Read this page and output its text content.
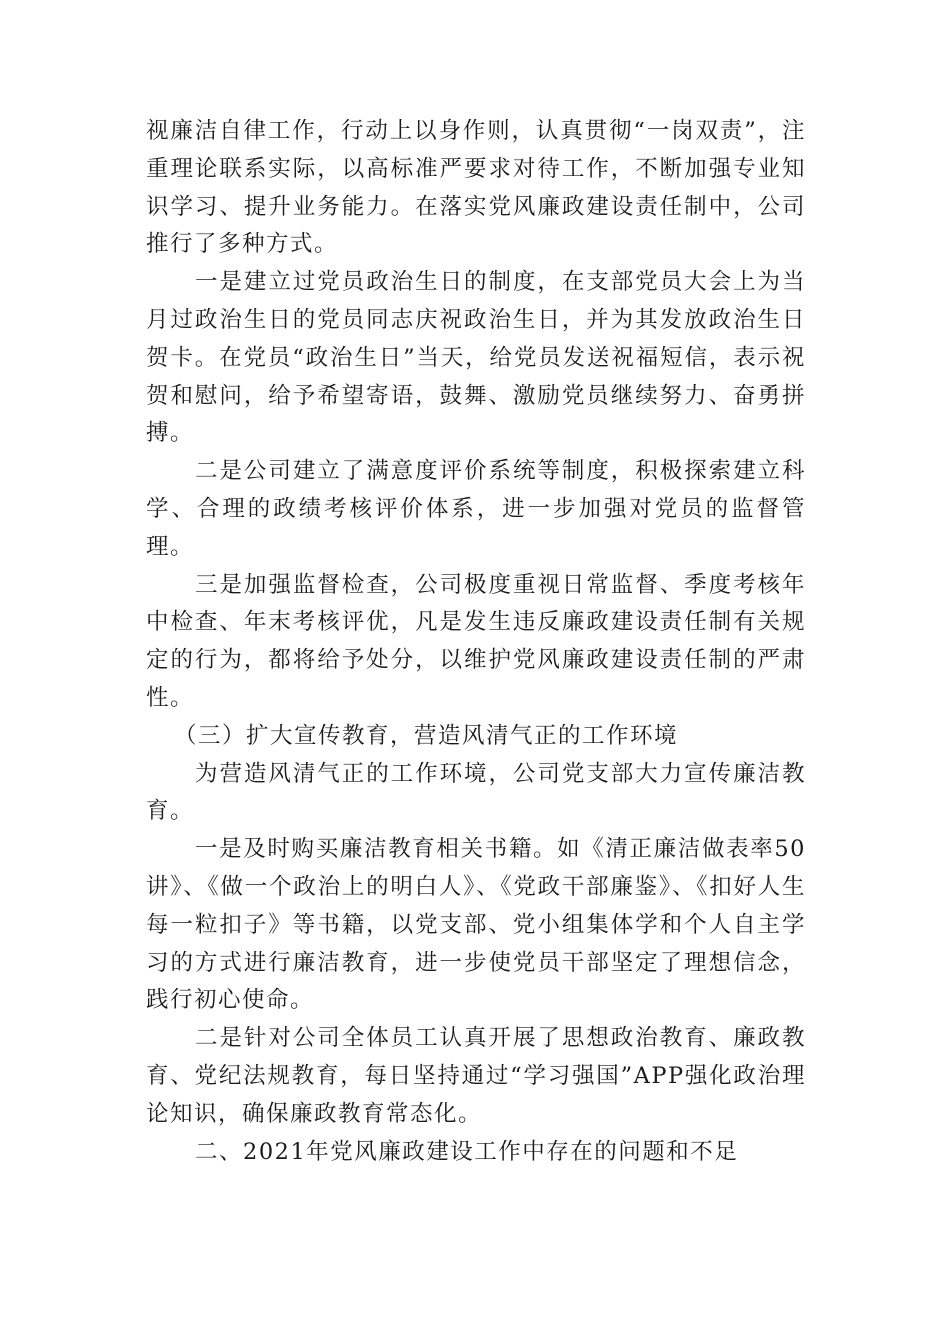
视廉洁自律工作，行动上以身作则，认真贯彻“一岗双责”，注重理论联系实际，以高标准严要求对待工作，不断加强专业知识学习、提升业务能力。在落实党风廉政建设责任制中，公司推行了多种方式。

一是建立过党员政治生日的制度，在支部党员大会上为当月过政治生日的党员同志庆祝政治生日，并为其发放政治生日贺卡。在党员“政治生日”当天，给党员发送祝福短信，表示祝贺和慰问，给予希望寄语，鼓舞、激励党员继续努力、奋勇拼搏。

二是公司建立了满意度评价系统等制度，积极探索建立科学、合理的政绩考核评价体系，进一步加强对党员的监督管理。

三是加强监督检查，公司极度重视日常监督、季度考核年中检查、年末考核评优，凡是发生违反廉政建设责任制有关规定的行为，都将给予处分，以维护党风廉政建设责任制的严肃性。

（三）扩大宣传教育，营造风清气正的工作环境

为营造风清气正的工作环境，公司党支部大力宣传廉洁教育。

一是及时购买廉洁教育相关书籍。如《清正廉洁做表率50讲》、《做一个政治上的明白人》、《党政干部廉鉴》、《扣好人生每一粒扣子》等书籍，以党支部、党小组集体学和个人自主学习的方式进行廉洁教育，进一步使党员干部坚定了理想信念，践行初心使命。

二是针对公司全体员工认真开展了思想政治教育、廉政教育、党纪法规教育，每日坚持通过“学习强国”APP强化政治理论知识，确保廉政教育常态化。

二、2021年党风廉政建设工作中存在的问题和不足
